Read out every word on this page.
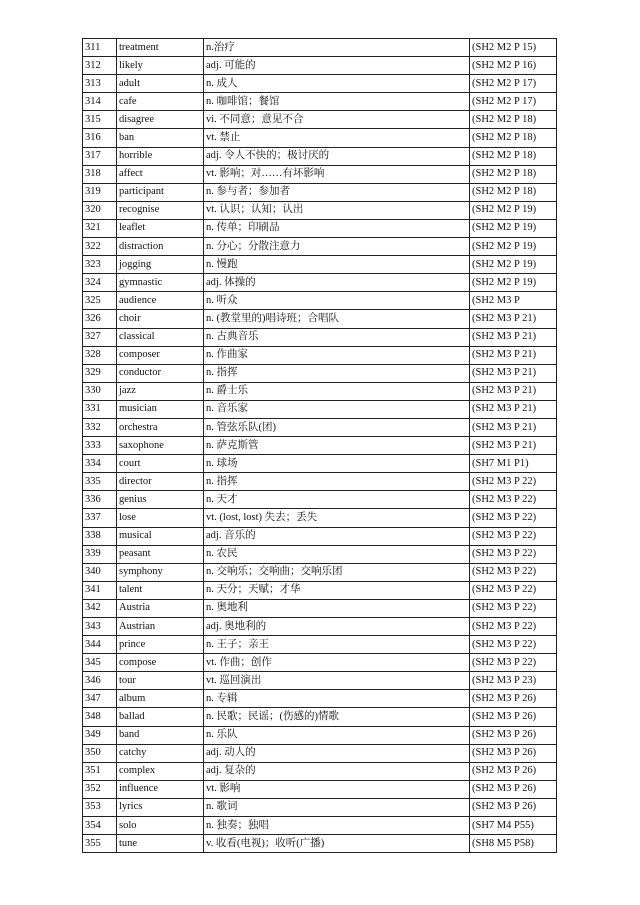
311	treatment	n.治疗	(SH2 M2 P 15)
312	likely	adj. 可能的	(SH2 M2 P 16)
313	adult	n. 成人	(SH2 M2 P 17)
314	cafe	n. 咖啡馆；餐馆	(SH2 M2 P 17)
315	disagree	vi. 不同意；意见不合	(SH2 M2 P 18)
316	ban	vt. 禁止	(SH2 M2 P 18)
317	horrible	adj. 令人不快的；极讨厌的	(SH2 M2 P 18)
318	affect	vt. 影响；对……有坏影响	(SH2 M2 P 18)
319	participant	n. 参与者；参加者	(SH2 M2 P 18)
320	recognise	vt. 认识；认知；认出	(SH2 M2 P 19)
321	leaflet	n. 传单；印刷品	(SH2 M2 P 19)
322	distraction	n. 分心；分散注意力	(SH2 M2 P 19)
323	jogging	n. 慢跑	(SH2 M2 P 19)
324	gymnastic	adj. 体操的	(SH2 M2 P 19)
325	audience	n. 听众	(SH2 M3 P
326	choir	n. (教堂里的)唱诗班；合唱队	(SH2 M3 P 21)
327	classical	n. 古典音乐	(SH2 M3 P 21)
328	composer	n. 作曲家	(SH2 M3 P 21)
329	conductor	n. 指挥	(SH2 M3 P 21)
330	jazz	n. 爵士乐	(SH2 M3 P 21)
331	musician	n. 音乐家	(SH2 M3 P 21)
332	orchestra	n. 管弦乐队(团)	(SH2 M3 P 21)
333	saxophone	n. 萨克斯管	(SH2 M3 P 21)
334	court	n. 球场	(SH7 M1 P1)
335	director	n. 指挥	(SH2 M3 P 22)
336	genius	n. 天才	(SH2 M3 P 22)
337	lose	vt. (lost, lost) 失去；丢失	(SH2 M3 P 22)
338	musical	adj. 音乐的	(SH2 M3 P 22)
339	peasant	n. 农民	(SH2 M3 P 22)
340	symphony	n. 交响乐；交响曲；交响乐团	(SH2 M3 P 22)
341	talent	n. 天分；天赋；才华	(SH2 M3 P 22)
342	Austria	n. 奥地利	(SH2 M3 P 22)
343	Austrian	adj. 奥地利的	(SH2 M3 P 22)
344	prince	n. 王子；亲王	(SH2 M3 P 22)
345	compose	vt. 作曲；创作	(SH2 M3 P 22)
346	tour	vt. 巡回演出	(SH2 M3 P 23)
347	album	n. 专辑	(SH2 M3 P 26)
348	ballad	n. 民歌；民谣；(伤感的)情歌	(SH2 M3 P 26)
349	band	n. 乐队	(SH2 M3 P 26)
350	catchy	adj. 动人的	(SH2 M3 P 26)
351	complex	adj. 复杂的	(SH2 M3 P 26)
352	influence	vt. 影响	(SH2 M3 P 26)
353	lyrics	n. 歌词	(SH2 M3 P 26)
354	solo	n. 独奏；独唱	(SH7 M4 P55)
355	tune	v. 收看(电视)；收听(广播)	(SH8 M5 P58)
